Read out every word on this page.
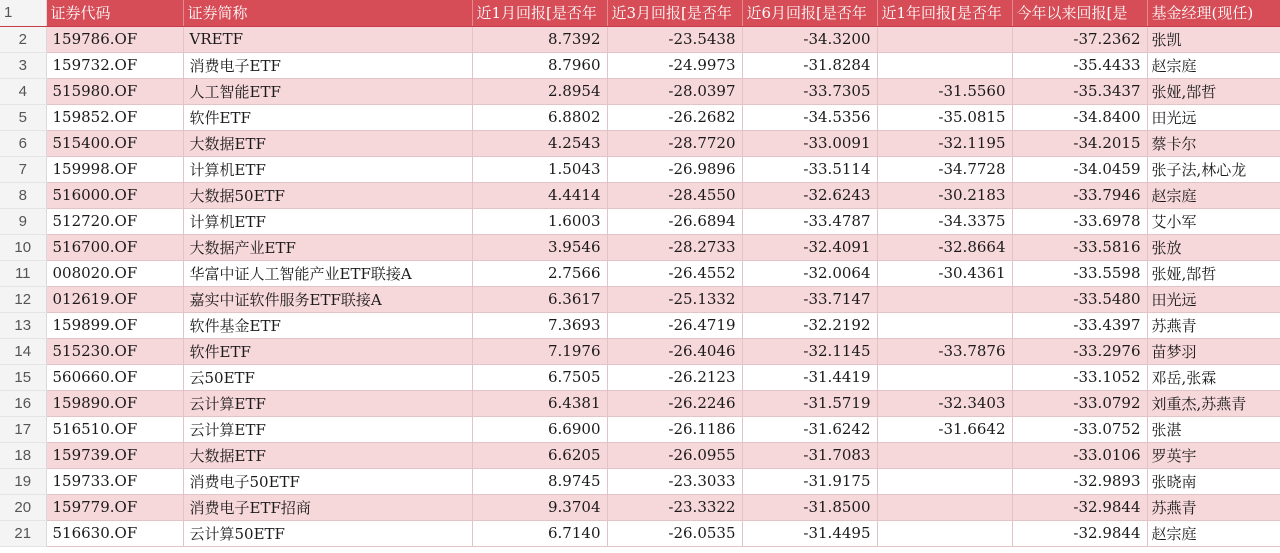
1	证券代码	证券简称	近1月回报[是否年	近3月回报[是否年	近6月回报[是否年	近1年回报[是否年	今年以来回报[是	基金经理(现任)
2	159786.OF	VRETF	8.7392	-23.5438	-34.3200		-37.2362	张凯
3	159732.OF	消费电子ETF	8.7960	-24.9973	-31.8284		-35.4433	赵宗庭
4	515980.OF	人工智能ETF	2.8954	-28.0397	-33.7305	-31.5560	-35.3437	张娅,郜哲
5	159852.OF	软件ETF	6.8802	-26.2682	-34.5356	-35.0815	-34.8400	田光远
6	515400.OF	大数据ETF	4.2543	-28.7720	-33.0091	-32.1195	-34.2015	蔡卡尔
7	159998.OF	计算机ETF	1.5043	-26.9896	-33.5114	-34.7728	-34.0459	张子法,林心龙
8	516000.OF	大数据50ETF	4.4414	-28.4550	-32.6243	-30.2183	-33.7946	赵宗庭
9	512720.OF	计算机ETF	1.6003	-26.6894	-33.4787	-34.3375	-33.6978	艾小军
10	516700.OF	大数据产业ETF	3.9546	-28.2733	-32.4091	-32.8664	-33.5816	张放
11	008020.OF	华富中证人工智能产业ETF联接A	2.7566	-26.4552	-32.0064	-30.4361	-33.5598	张娅,郜哲
12	012619.OF	嘉实中证软件服务ETF联接A	6.3617	-25.1332	-33.7147		-33.5480	田光远
13	159899.OF	软件基金ETF	7.3693	-26.4719	-32.2192		-33.4397	苏燕青
14	515230.OF	软件ETF	7.1976	-26.4046	-32.1145	-33.7876	-33.2976	苗梦羽
15	560660.OF	云50ETF	6.7505	-26.2123	-31.4419		-33.1052	邓岳,张霖
16	159890.OF	云计算ETF	6.4381	-26.2246	-31.5719	-32.3403	-33.0792	刘重杰,苏燕青
17	516510.OF	云计算ETF	6.6900	-26.1186	-31.6242	-31.6642	-33.0752	张湛
18	159739.OF	大数据ETF	6.6205	-26.0955	-31.7083		-33.0106	罗英宇
19	159733.OF	消费电子50ETF	8.9745	-23.3033	-31.9175		-32.9893	张晓南
20	159779.OF	消费电子ETF招商	9.3704	-23.3322	-31.8500		-32.9844	苏燕青
21	516630.OF	云计算50ETF	6.7140	-26.0535	-31.4495		-32.9844	赵宗庭
